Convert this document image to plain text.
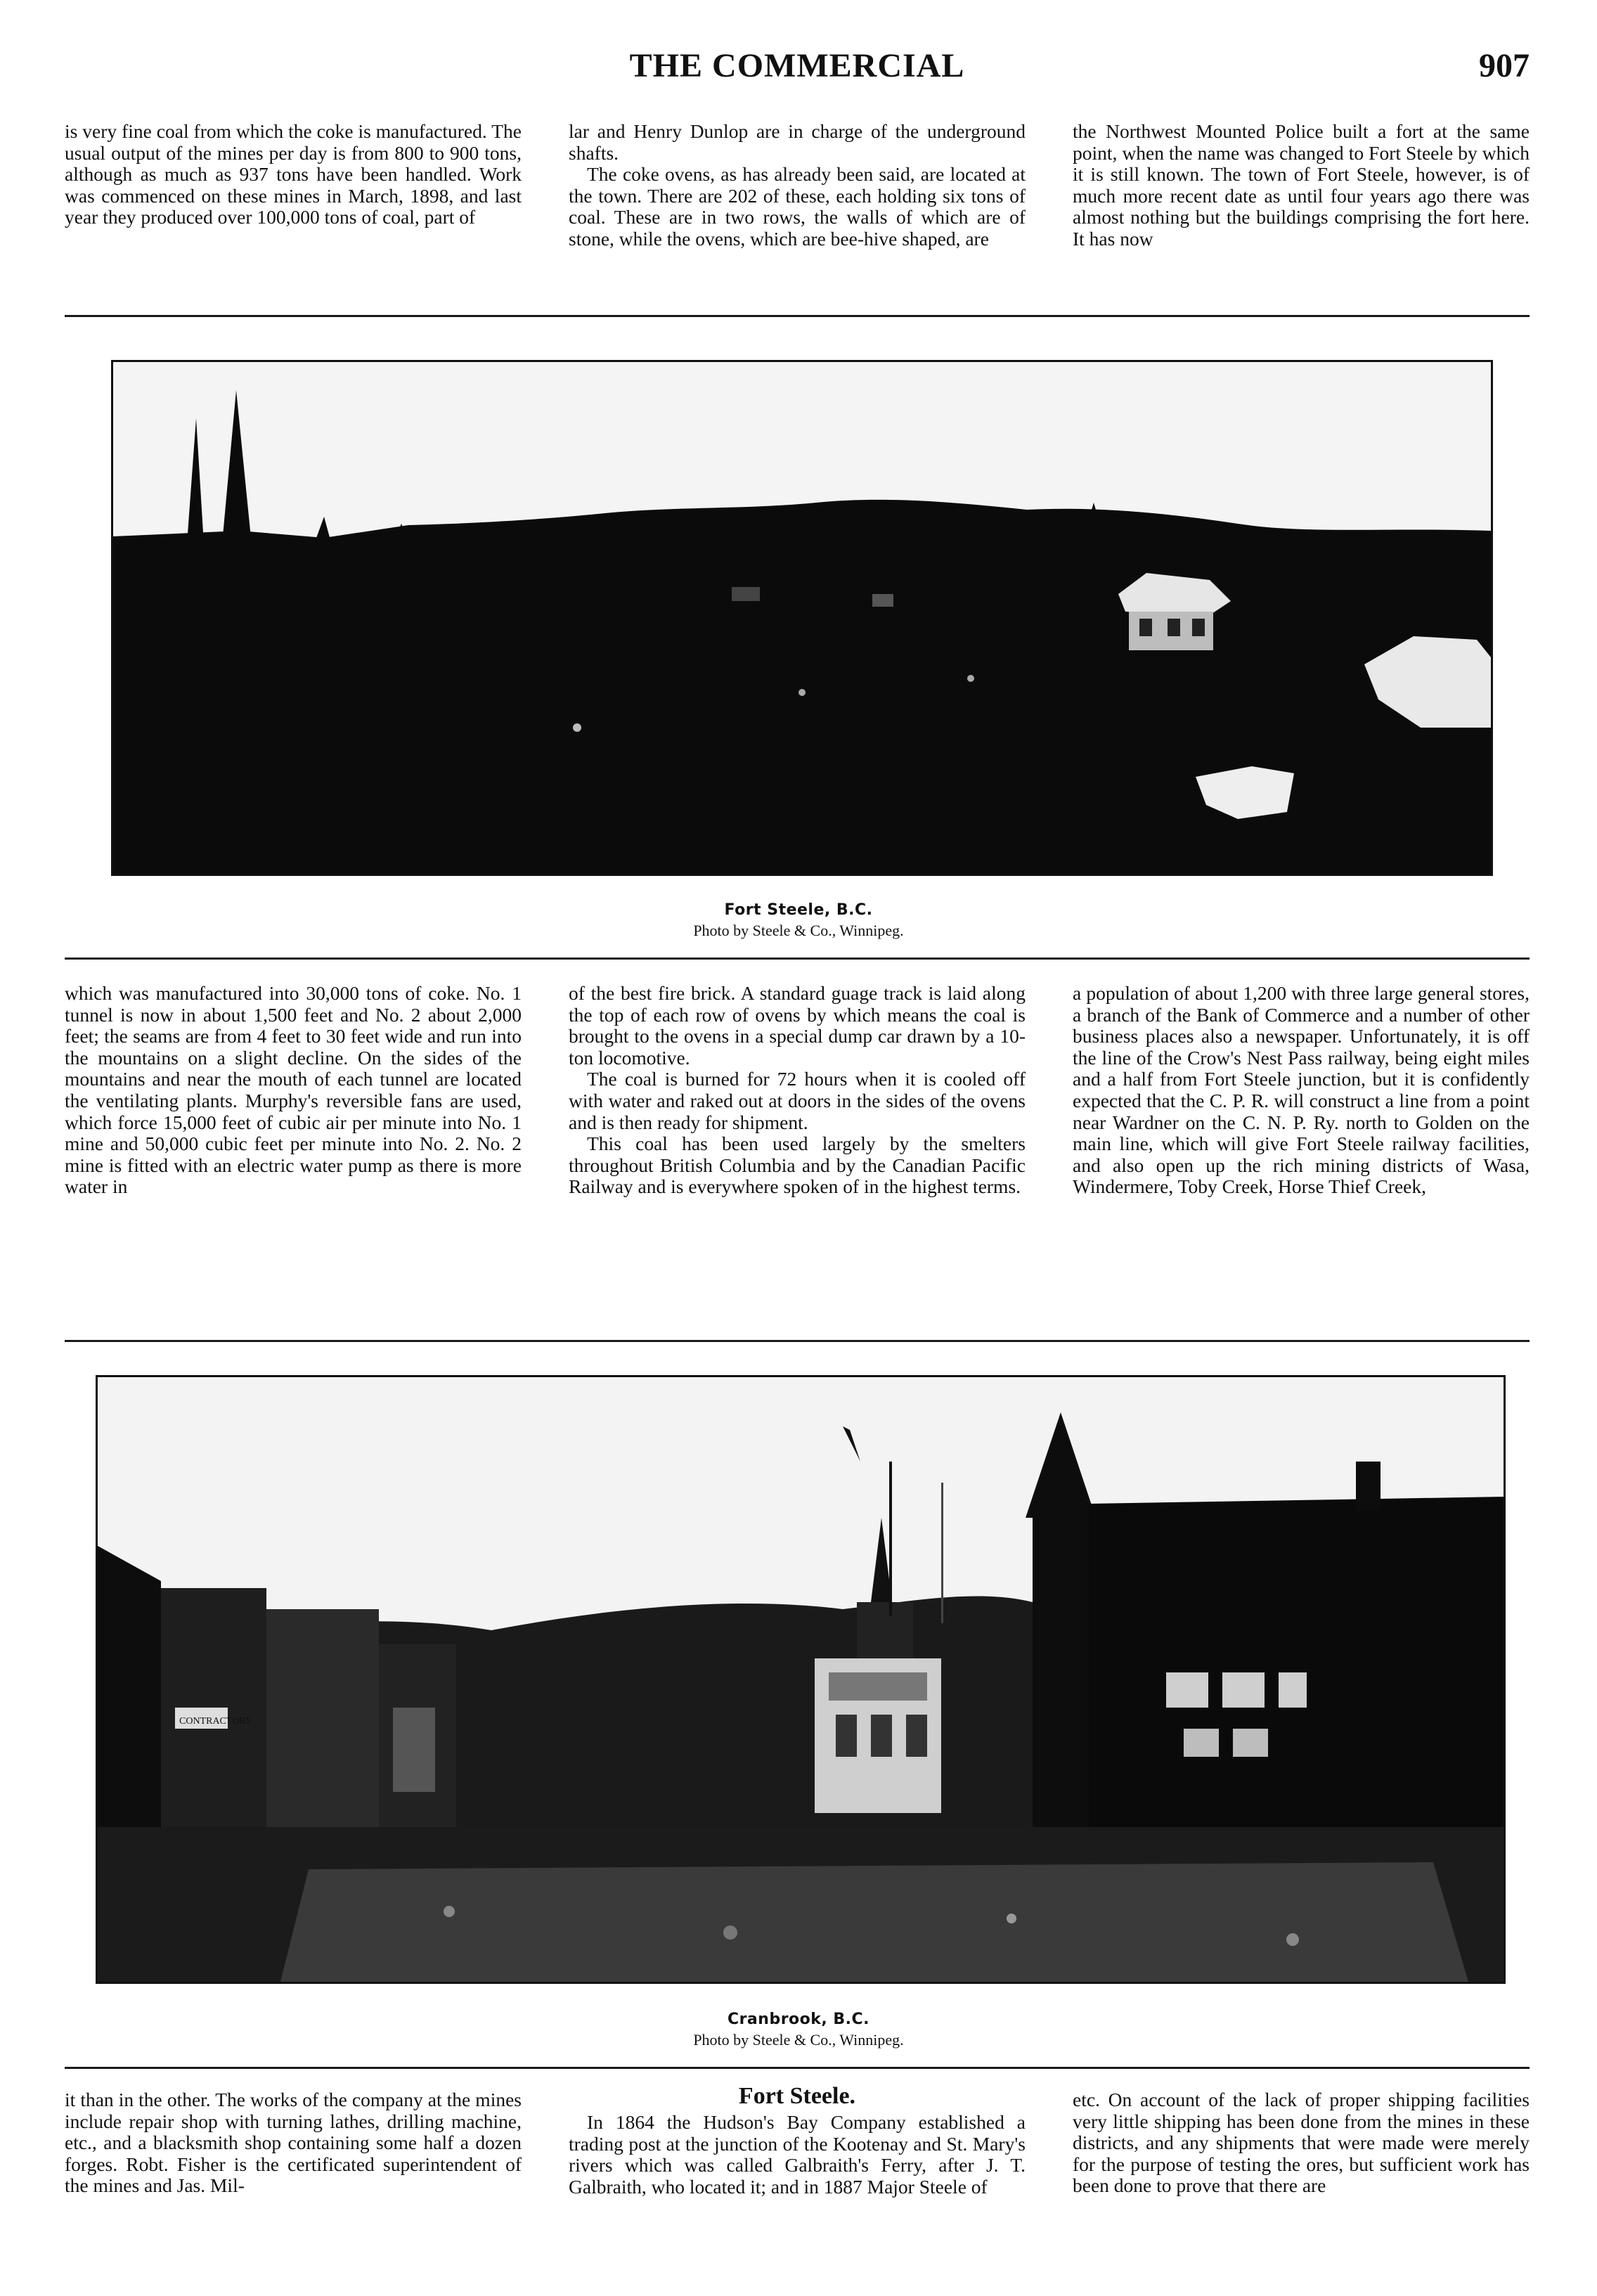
THE COMMERCIAL	907

is very fine coal from which the coke is manufactured. The usual output of the mines per day is from 800 to 900 tons, although as much as 937 tons have been handled. Work was commenced on these mines in March, 1898, and last year they produced over 100,000 tons of coal, part of

lar and Henry Dunlop are in charge of the underground shafts.

The coke ovens, as has already been said, are located at the town. There are 202 of these, each holding six tons of coal. These are in two rows, the walls of which are of stone, while the ovens, which are bee-hive shaped, are

the Northwest Mounted Police built a fort at the same point, when the name was changed to Fort Steele by which it is still known. The town of Fort Steele, however, is of much more recent date as until four years ago there was almost nothing but the buildings comprising the fort here. It has now

Fort Steele, B.C.
Photo by Steele & Co., Winnipeg.

which was manufactured into 30,000 tons of coke. No. 1 tunnel is now in about 1,500 feet and No. 2 about 2,000 feet; the seams are from 4 feet to 30 feet wide and run into the mountains on a slight decline. On the sides of the mountains and near the mouth of each tunnel are located the ventilating plants. Murphy's reversible fans are used, which force 15,000 feet of cubic air per minute into No. 1 mine and 50,000 cubic feet per minute into No. 2. No. 2 mine is fitted with an electric water pump as there is more water in

of the best fire brick. A standard guage track is laid along the top of each row of ovens by which means the coal is brought to the ovens in a special dump car drawn by a 10-ton locomotive.

The coal is burned for 72 hours when it is cooled off with water and raked out at doors in the sides of the ovens and is then ready for shipment.

This coal has been used largely by the smelters throughout British Columbia and by the Canadian Pacific Railway and is everywhere spoken of in the highest terms.

a population of about 1,200 with three large general stores, a branch of the Bank of Commerce and a number of other business places also a newspaper. Unfortunately, it is off the line of the Crow's Nest Pass railway, being eight miles and a half from Fort Steele junction, but it is confidently expected that the C. P. R. will construct a line from a point near Wardner on the C. N. P. Ry. north to Golden on the main line, which will give Fort Steele railway facilities, and also open up the rich mining districts of Wasa, Windermere, Toby Creek, Horse Thief Creek,

CONTRACTORS
Cranbrook, B.C.
Photo by Steele & Co., Winnipeg.

it than in the other. The works of the company at the mines include repair shop with turning lathes, drilling machine, etc., and a blacksmith shop containing some half a dozen forges. Robt. Fisher is the certificated superintendent of the mines and Jas. Mil-

Fort Steele.

In 1864 the Hudson's Bay Company established a trading post at the junction of the Kootenay and St. Mary's rivers which was called Galbraith's Ferry, after J. T. Galbraith, who located it; and in 1887 Major Steele of

etc. On account of the lack of proper shipping facilities very little shipping has been done from the mines in these districts, and any shipments that were made were merely for the purpose of testing the ores, but sufficient work has been done to prove that there are
